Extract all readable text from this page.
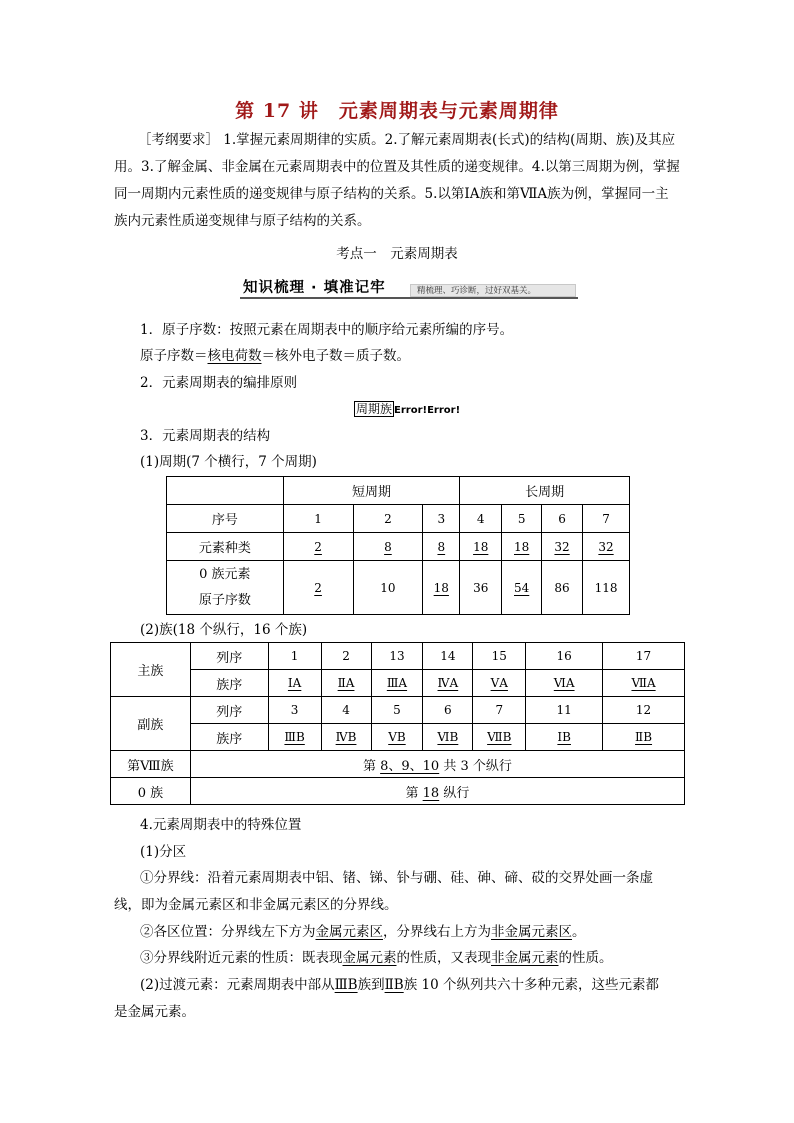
第 17 讲 元素周期表与元素周期律
［考纲要求］ 1.掌握元素周期律的实质。2.了解元素周期表(长式)的结构(周期、族)及其应用。3.了解金属、非金属在元素周期表中的位置及其性质的递变规律。4.以第三周期为例，掌握同一周期内元素性质的递变规律与原子结构的关系。5.以第ⅠA族和第ⅦA族为例，掌握同一主族内元素性质递变规律与原子结构的关系。
考点一　元素周期表
知识梳理 · 填准记牢	精梳理、巧诊断，过好双基关。
1．原子序数：按照元素在周期表中的顺序给元素所编的序号。
原子序数＝核电荷数＝核外电子数＝质子数。
2．元素周期表的编排原则
周期族 Error!Error!
3．元素周期表的结构
(1)周期(7 个横行，7 个周期)
	短周期			长周期			
序号	1	2	3	4	5	6	7
元素种类	2	8	8	18	18	32	32
0 族元素
原子序数	2	10	18	36	54	86	118
(2)族(18 个纵行，16 个族)
主族	列序	1	2	13	14	15	16	17
	族序	ⅠA	ⅡA	ⅢA	ⅣA	ⅤA	ⅥA	ⅦA
副族	列序	3	4	5	6	7	11	12
	族序	ⅢB	ⅣB	ⅤB	ⅥB	ⅦB	ⅠB	ⅡB
第Ⅷ族	第 8、9、10 共 3 个纵行							
0 族	第 18 纵行							
4.元素周期表中的特殊位置
(1)分区
①分界线：沿着元素周期表中铝、锗、锑、钋与硼、硅、砷、碲、砹的交界处画一条虚
线，即为金属元素区和非金属元素区的分界线。
②各区位置：分界线左下方为金属元素区，分界线右上方为非金属元素区。
③分界线附近元素的性质：既表现金属元素的性质，又表现非金属元素的性质。
(2)过渡元素：元素周期表中部从ⅢB族到ⅡB族 10 个纵列共六十多种元素，这些元素都
是金属元素。
